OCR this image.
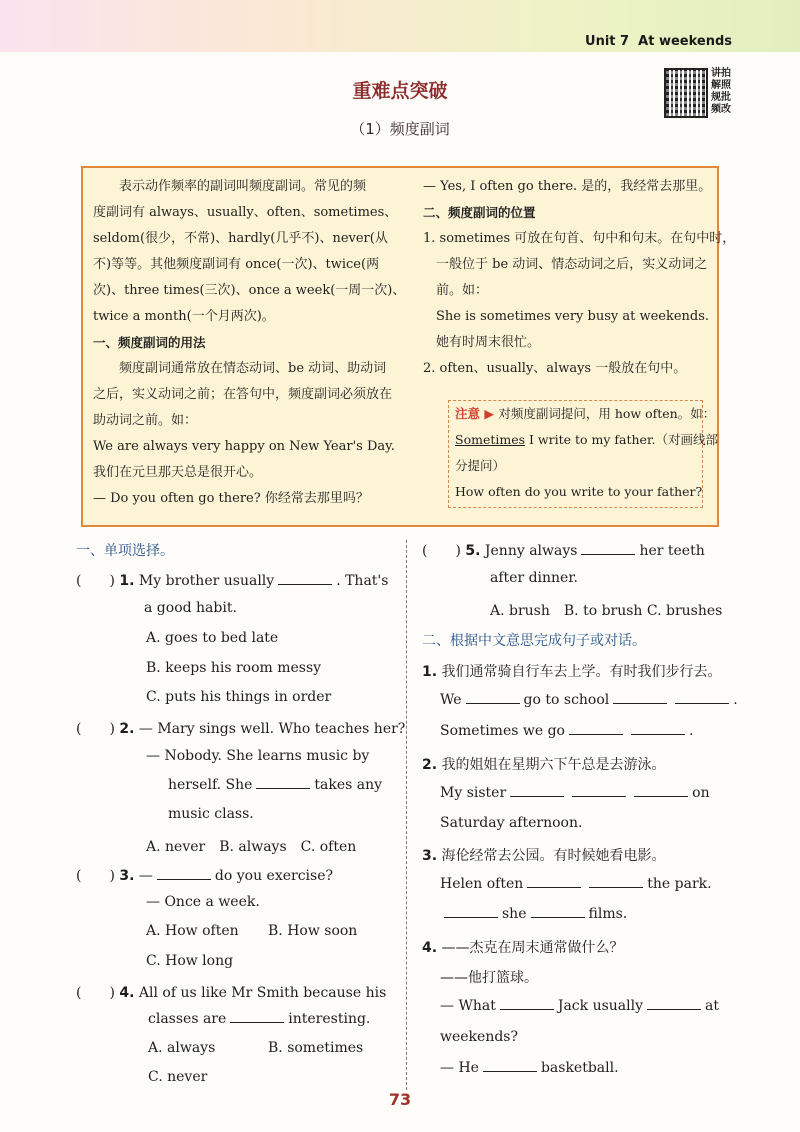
Unit 7 At weekends
讲拍
解照
规批
频改
重难点突破
（1）频度副词
　　表示动作频率的副词叫频度副词。常见的频
度副词有 always、usually、often、sometimes、
seldom(很少，不常)、hardly(几乎不)、never(从
不)等等。其他频度副词有 once(一次)、twice(两
次)、three times(三次)、once a week(一周一次)、
twice a month(一个月两次)。
一、频度副词的用法
　　频度副词通常放在情态动词、be 动词、助动词
之后，实义动词之前；在答句中，频度副词必须放在
助动词之前。如：
We are always very happy on New Year's Day.
我们在元旦那天总是很开心。
— Do you often go there? 你经常去那里吗？
— Yes, I often go there. 是的，我经常去那里。
二、频度副词的位置
1. sometimes 可放在句首、句中和句末。在句中时，
　一般位于 be 动词、情态动词之后，实义动词之
　前。如：
　She is sometimes very busy at weekends.
　她有时周末很忙。
2. often、usually、always 一般放在句中。
注意 ▶ 对频度副词提问，用 how often。如：
Sometimes I write to my father.（对画线部
分提问）
How often do you write to your father?
一、单项选择。
(　　) 1. My brother usually	. That's
a good habit.
A. goes to bed late
B. keeps his room messy
C. puts his things in order
(　　) 2. — Mary sings well. Who teaches her?
— Nobody. She learns music by
herself. She	takes any
music class.
A. never　B. always　C. often
(　　) 3. —	do you exercise?
— Once a week.
A. How often B. How soon
C. How long
(　　) 4. All of us like Mr Smith because his
classes are	interesting.
A. always	B. sometimes
C. never
(　　) 5. Jenny always	her teeth
after dinner.
A. brush　B. to brush C. brushes
二、根据中文意思完成句子或对话。
1. 我们通常骑自行车去上学。有时我们步行去。
We	go to school	.
Sometimes we go	.
2. 我的姐姐在星期六下午总是去游泳。
My sister	on
Saturday afternoon.
3. 海伦经常去公园。有时候她看电影。
Helen often	the park.
she	films.
4. ——杰克在周末通常做什么？
——他打篮球。
— What	Jack usually	at
weekends?
— He	basketball.
73
